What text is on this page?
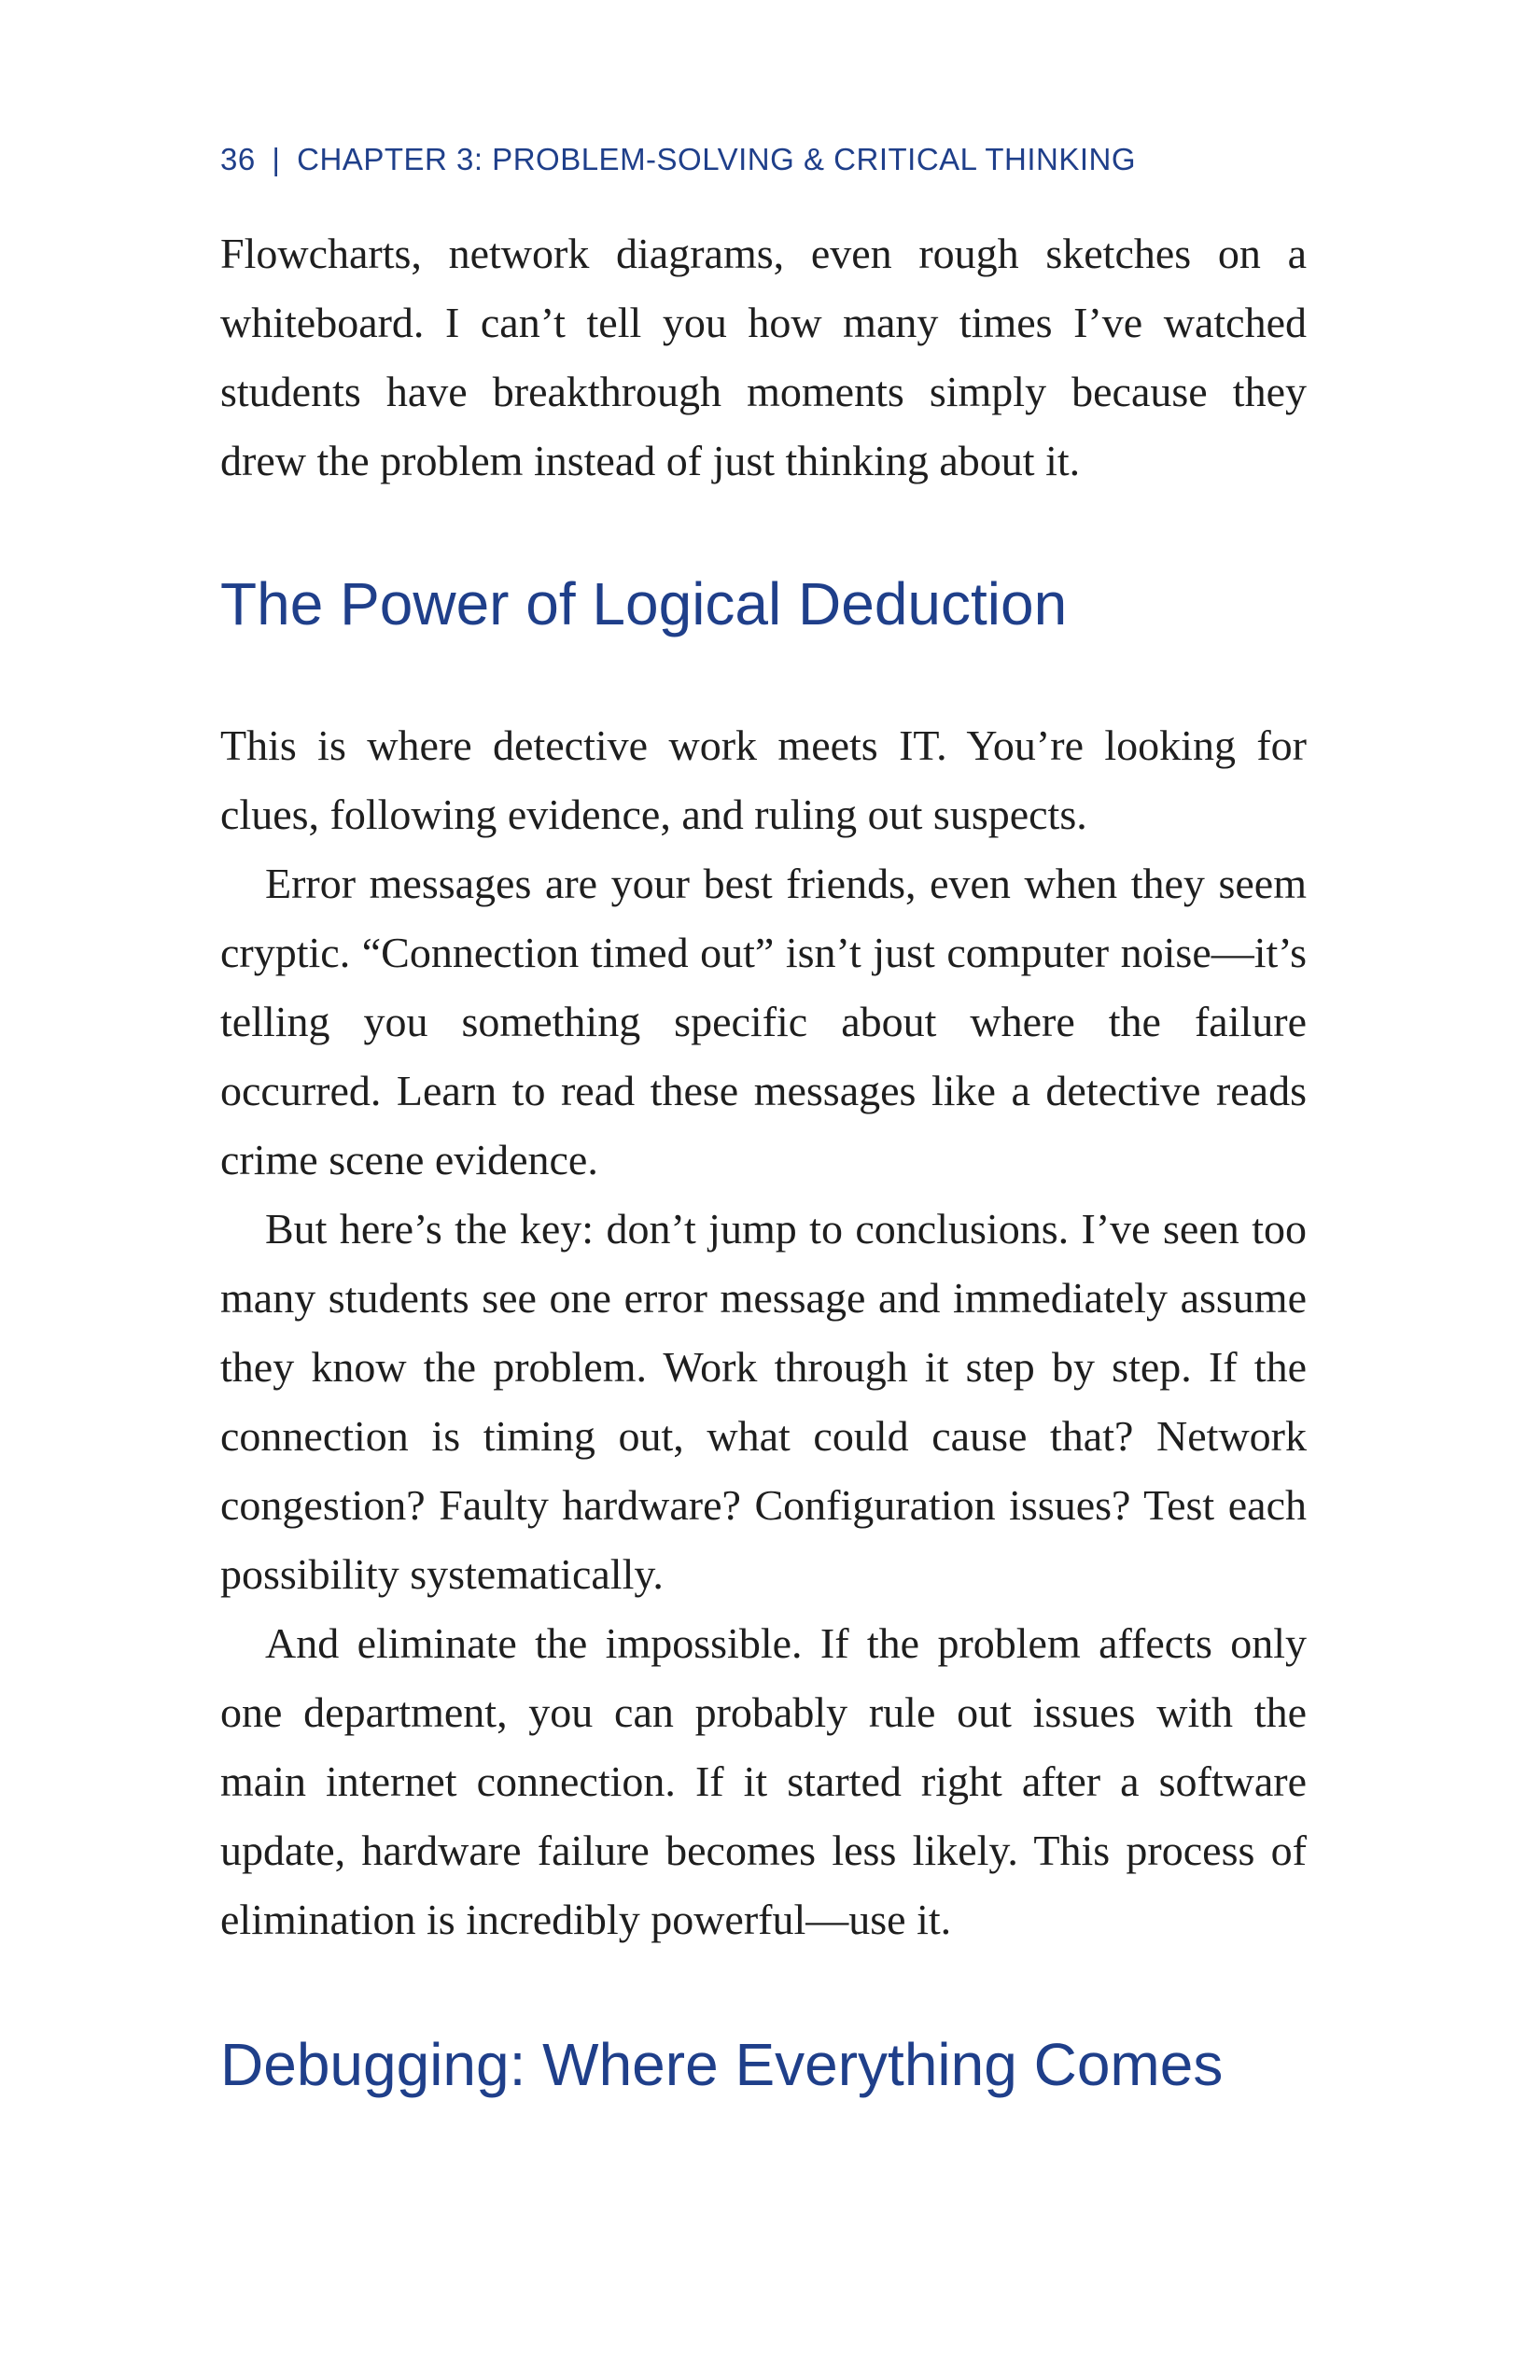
36 | CHAPTER 3: PROBLEM-SOLVING & CRITICAL THINKING

Flowcharts, network diagrams, even rough sketches on a whiteboard. I can’t tell you how many times I’ve watched students have breakthrough moments simply because they drew the problem instead of just thinking about it.

The Power of Logical Deduction

This is where detective work meets IT. You’re looking for clues, following evidence, and ruling out suspects.

Error messages are your best friends, even when they seem cryptic. “Connection timed out” isn’t just computer noise—it’s telling you something specific about where the failure occurred. Learn to read these messages like a detective reads crime scene evidence.

But here’s the key: don’t jump to conclusions. I’ve seen too many students see one error message and immediately assume they know the problem. Work through it step by step. If the connection is timing out, what could cause that? Network congestion? Faulty hardware? Configuration issues? Test each possibility systematically.

And eliminate the impossible. If the problem affects only one department, you can probably rule out issues with the main internet connection. If it started right after a software update, hardware failure becomes less likely. This process of elimination is incredibly powerful—use it.

Debugging: Where Everything Comes
